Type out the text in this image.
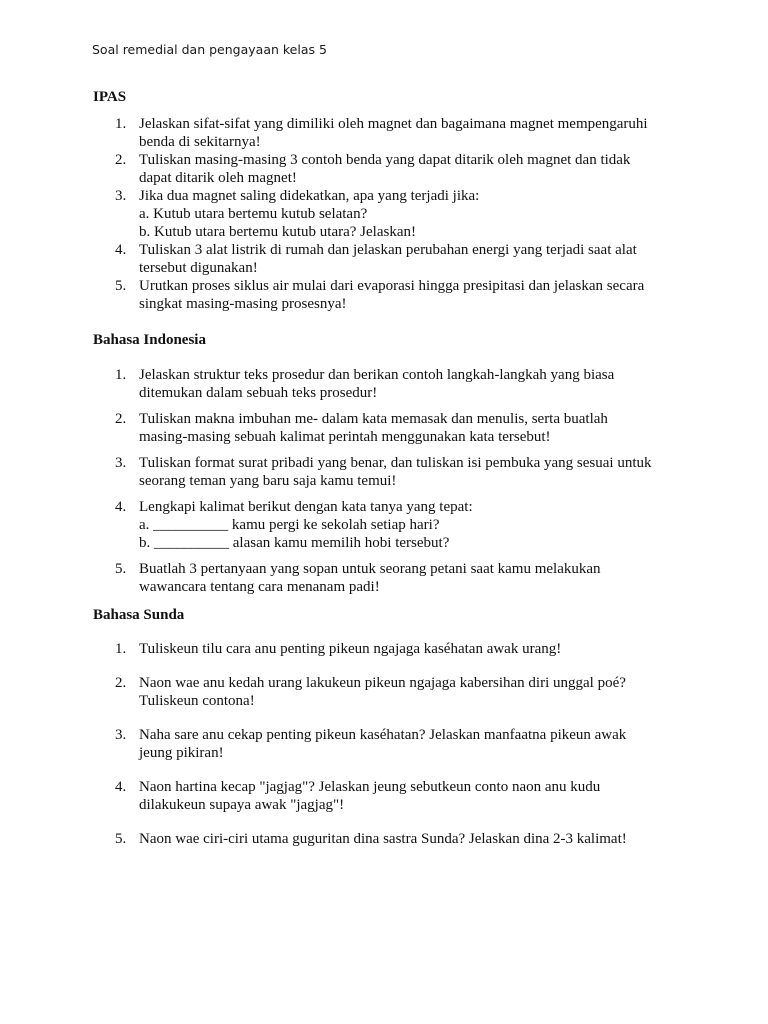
Soal remedial dan pengayaan kelas 5
IPAS
1. Jelaskan sifat-sifat yang dimiliki oleh magnet dan bagaimana magnet mempengaruhi
benda di sekitarnya!
2. Tuliskan masing-masing 3 contoh benda yang dapat ditarik oleh magnet dan tidak
dapat ditarik oleh magnet!
3. Jika dua magnet saling didekatkan, apa yang terjadi jika:
a. Kutub utara bertemu kutub selatan?
b. Kutub utara bertemu kutub utara? Jelaskan!
4. Tuliskan 3 alat listrik di rumah dan jelaskan perubahan energi yang terjadi saat alat
tersebut digunakan!
5. Urutkan proses siklus air mulai dari evaporasi hingga presipitasi dan jelaskan secara
singkat masing-masing prosesnya!
Bahasa Indonesia
1. Jelaskan struktur teks prosedur dan berikan contoh langkah-langkah yang biasa
ditemukan dalam sebuah teks prosedur!
2. Tuliskan makna imbuhan me- dalam kata memasak dan menulis, serta buatlah
masing-masing sebuah kalimat perintah menggunakan kata tersebut!
3. Tuliskan format surat pribadi yang benar, dan tuliskan isi pembuka yang sesuai untuk
seorang teman yang baru saja kamu temui!
4. Lengkapi kalimat berikut dengan kata tanya yang tepat:
a. __________ kamu pergi ke sekolah setiap hari?
b. __________ alasan kamu memilih hobi tersebut?
5. Buatlah 3 pertanyaan yang sopan untuk seorang petani saat kamu melakukan
wawancara tentang cara menanam padi!
Bahasa Sunda
1. Tuliskeun tilu cara anu penting pikeun ngajaga kaséhatan awak urang!
2. Naon wae anu kedah urang lakukeun pikeun ngajaga kabersihan diri unggal poé?
Tuliskeun contona!
3. Naha sare anu cekap penting pikeun kaséhatan? Jelaskan manfaatna pikeun awak
jeung pikiran!
4. Naon hartina kecap "jagjag"? Jelaskan jeung sebutkeun conto naon anu kudu
dilakukeun supaya awak "jagjag"!
5. Naon wae ciri-ciri utama guguritan dina sastra Sunda? Jelaskan dina 2-3 kalimat!
